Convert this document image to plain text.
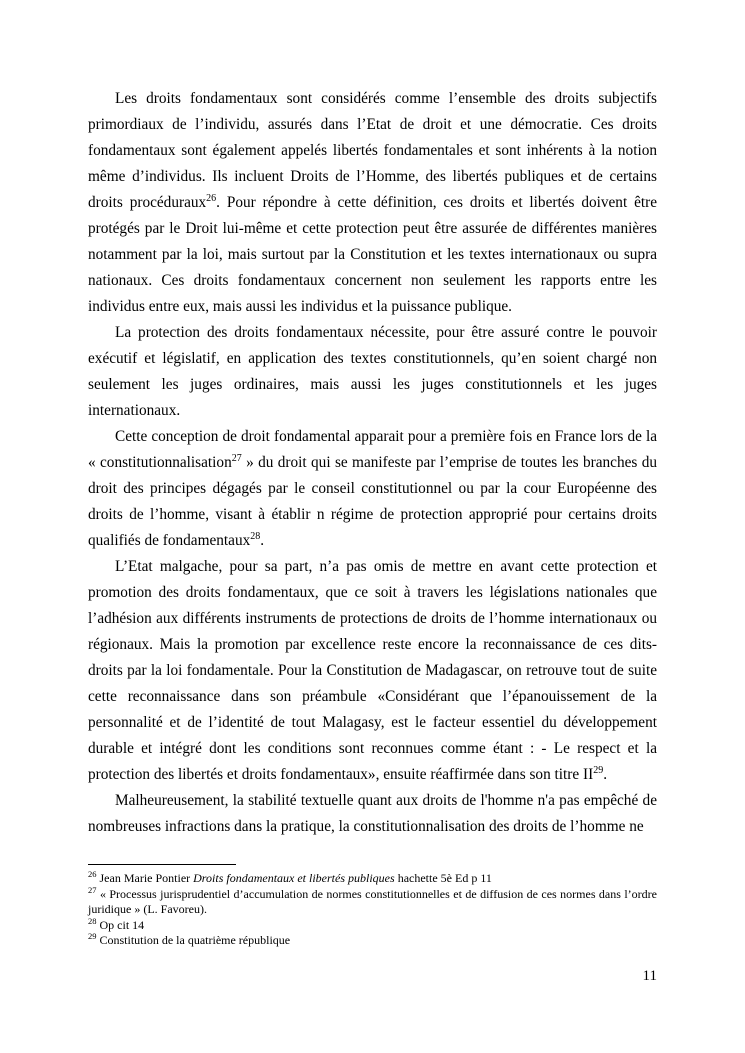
Les droits fondamentaux sont considérés comme l’ensemble des droits subjectifs primordiaux de l’individu, assurés dans l’Etat de droit et une démocratie. Ces droits fondamentaux sont également appelés libertés fondamentales et sont inhérents à la notion même d’individus. Ils incluent Droits de l’Homme, des libertés publiques et de certains droits procéduraux$^{26}$. Pour répondre à cette définition, ces droits et libertés doivent être protégés par le Droit lui-même et cette protection peut être assurée de différentes manières notamment par la loi, mais surtout par la Constitution et les textes internationaux ou supra nationaux. Ces droits fondamentaux concernent non seulement les rapports entre les individus entre eux, mais aussi les individus et la puissance publique.

La protection des droits fondamentaux nécessite, pour être assuré contre le pouvoir exécutif et législatif, en application des textes constitutionnels, qu’en soient chargé non seulement les juges ordinaires, mais aussi les juges constitutionnels et les juges internationaux.

Cette conception de droit fondamental apparait pour a première fois en France lors de la « constitutionnalisation$^{27}$ » du droit qui se manifeste par l’emprise de toutes les branches du droit des principes dégagés par le conseil constitutionnel ou par la cour Européenne des droits de l’homme, visant à établir n régime de protection approprié pour certains droits qualifiés de fondamentaux$^{28}$.

L’Etat malgache, pour sa part, n’a pas omis de mettre en avant cette protection et promotion des droits fondamentaux, que ce soit à travers les législations nationales que l’adhésion aux différents instruments de protections de droits de l’homme internationaux ou régionaux. Mais la promotion par excellence reste encore la reconnaissance de ces dits-droits par la loi fondamentale. Pour la Constitution de Madagascar, on retrouve tout de suite cette reconnaissance dans son préambule «Considérant que l’épanouissement de la personnalité et de l’identité de tout Malagasy, est le facteur essentiel du développement durable et intégré dont les conditions sont reconnues comme étant : - Le respect et la protection des libertés et droits fondamentaux», ensuite réaffirmée dans son titre II$^{29}$.

Malheureusement, la stabilité textuelle quant aux droits de l'homme n'a pas empêché de nombreuses infractions dans la pratique, la constitutionnalisation des droits de l’homme ne

$^{26}$ Jean Marie Pontier Droits fondamentaux et libertés publiques hachette 5è Ed p 11

$^{27}$ « Processus jurisprudentiel d’accumulation de normes constitutionnelles et de diffusion de ces normes dans l’ordre juridique » (L. Favoreu).

$^{28}$ Op cit 14

$^{29}$ Constitution de la quatrième république

11
